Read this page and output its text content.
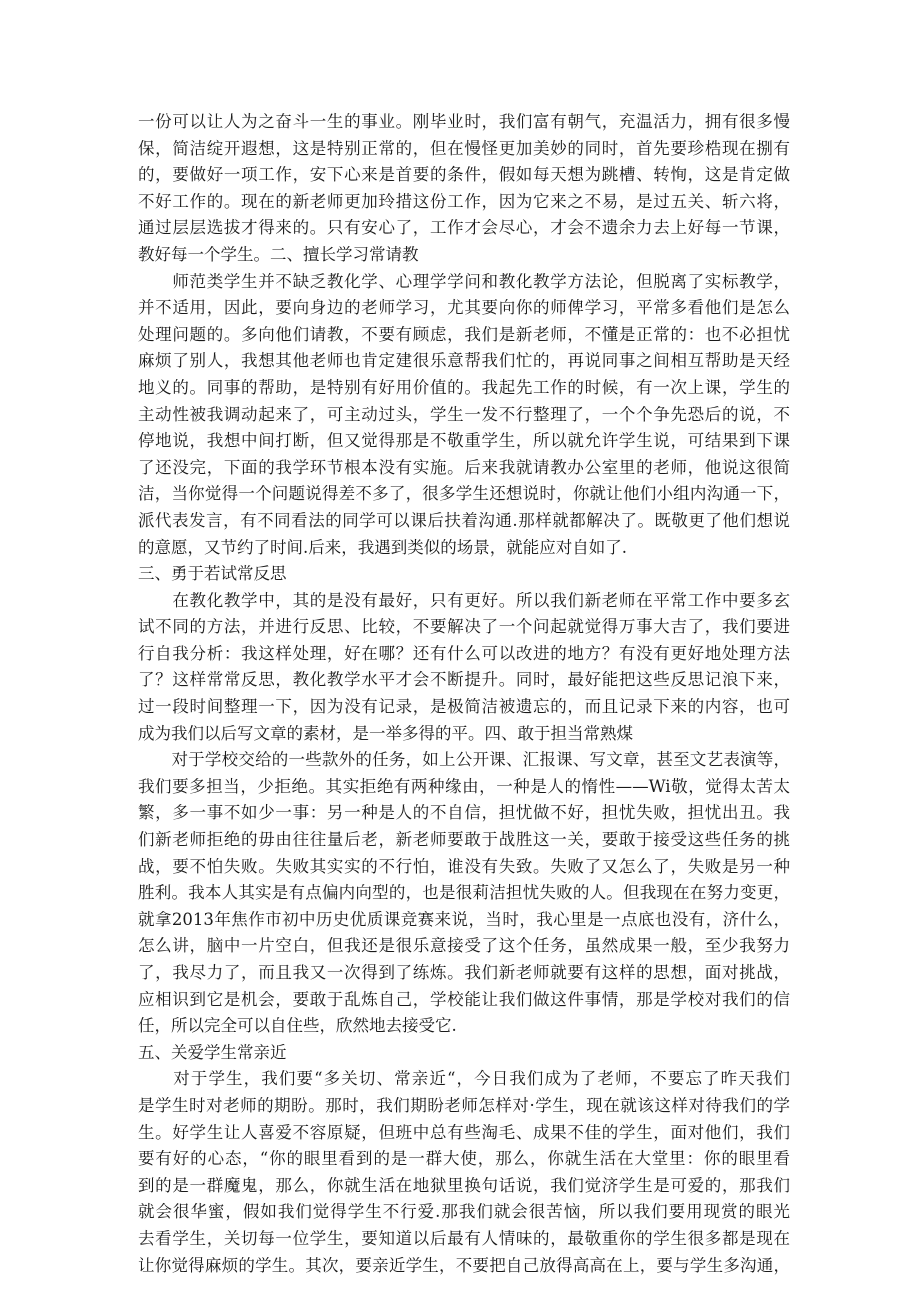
一份可以让人为之奋斗一生的事业。刚毕业时，我们富有朝气，充温活力，拥有很多慢
保，简洁绽开遐想，这是特别正常的，但在慢怪更加美妙的同时，首先要珍梏现在捌有
的，要做好一项工作，安下心来是首要的条件，假如每天想为跳槽、转恂，这是肯定做
不好工作的。现在的新老师更加玲措这份工作，因为它来之不易，是过五关、斩六将，
通过层层选拔才得来的。只有安心了，工作才会尽心，才会不遗余力去上好每一节课，
教好每一个学生。二、擅长学习常请教
　　师范类学生并不缺乏教化学、心理学学问和教化教学方法论，但脱离了实标教学，
并不适用，因此，要向身边的老师学习，尤其要向你的师俾学习，平常多看他们是怎么
处理问题的。多向他们请教，不要有顾虑，我们是新老师，不懂是正常的：也不必担忧
麻烦了别人，我想其他老师也肯定建很乐意帮我们忙的，再说同事之间相互帮助是天经
地义的。同事的帮助，是特别有好用价值的。我起先工作的时候，有一次上课，学生的
主动性被我调动起来了，可主动过头，学生一发不行整理了，一个个争先恐后的说，不
停地说，我想中间打断，但又觉得那是不敬重学生，所以就允许学生说，可结果到下课
了还没完，下面的我学环节根本没有实施。后来我就请教办公室里的老师，他说这很简
洁，当你觉得一个问题说得差不多了，很多学生还想说时，你就让他们小组内沟通一下，
派代表发言，有不同看法的同学可以课后扶着沟通.那样就都解决了。既敬更了他们想说
的意愿，又节约了时间.后来，我遇到类似的场景，就能应对自如了.
三、勇于若试常反思
　　在教化教学中，其的是没有最好，只有更好。所以我们新老师在平常工作中要多玄
试不同的方法，并进行反思、比较，不要解决了一个问起就觉得万事大吉了，我们要进
行自我分析：我这样处理，好在哪？还有什么可以改进的地方？有没有更好地处理方法
了？这样常常反思，教化教学水平才会不断提升。同时，最好能把这些反思记浪下来，
过一段时间整理一下，因为没有记录，是极简洁被遗忘的，而且记录下来的内容，也可
成为我们以后写文章的素材，是一举多得的平。四、敢于担当常熟煤
　　对于学校交给的一些款外的任务，如上公开课、汇报课、写文章，甚至文艺表演等，
我们要多担当，少拒绝。其实拒绝有两种缘由，一种是人的惰性——Wi敬，觉得太苦太
繁，多一事不如少一事：另一种是人的不自信，担忧做不好，担忧失败，担忧出丑。我
们新老师拒绝的毋由往往量后老，新老师要敢于战胜这一关，要敢于接受这些任务的挑
战，要不怕失败。失败其实实的不行怕，谁没有失致。失败了又怎么了，失败是另一种
胜利。我本人其实是有点偏内向型的，也是很莉洁担忧失败的人。但我现在在努力变更，
就拿2013年焦作市初中历史优质课竞赛来说，当时，我心里是一点底也没有，济什么，
怎么讲，脑中一片空白，但我还是很乐意接受了这个任务，虽然成果一般，至少我努力
了，我尽力了，而且我又一次得到了练炼。我们新老师就要有这样的思想，面对挑战，
应相识到它是机会，要敢于乱炼自己，学校能让我们做这件事情，那是学校对我们的信
任，所以完全可以自住些，欣然地去接受它.
五、关爱学生常亲近
　　对于学生，我们要“多关切、常亲近“，今日我们成为了老师，不要忘了昨天我们
是学生时对老师的期盼。那时，我们期盼老师怎样对·学生，现在就该这样对待我们的学
生。好学生让人喜爱不容原疑，但班中总有些淘毛、成果不佳的学生，面对他们，我们
要有好的心态，“你的眼里看到的是一群大使，那么，你就生活在大堂里：你的眼里看
到的是一群魔鬼，那么，你就生活在地狱里换句话说，我们觉济学生是可爱的，那我们
就会很华蜜，假如我们觉得学生不行爱.那我们就会很苦恼，所以我们要用现赏的眼光
去看学生，关切每一位学生，要知道以后最有人情味的，最敬重你的学生很多都是现在
让你觉得麻烦的学生。其次，要亲近学生，不要把自己放得高高在上，要与学生多沟通，
